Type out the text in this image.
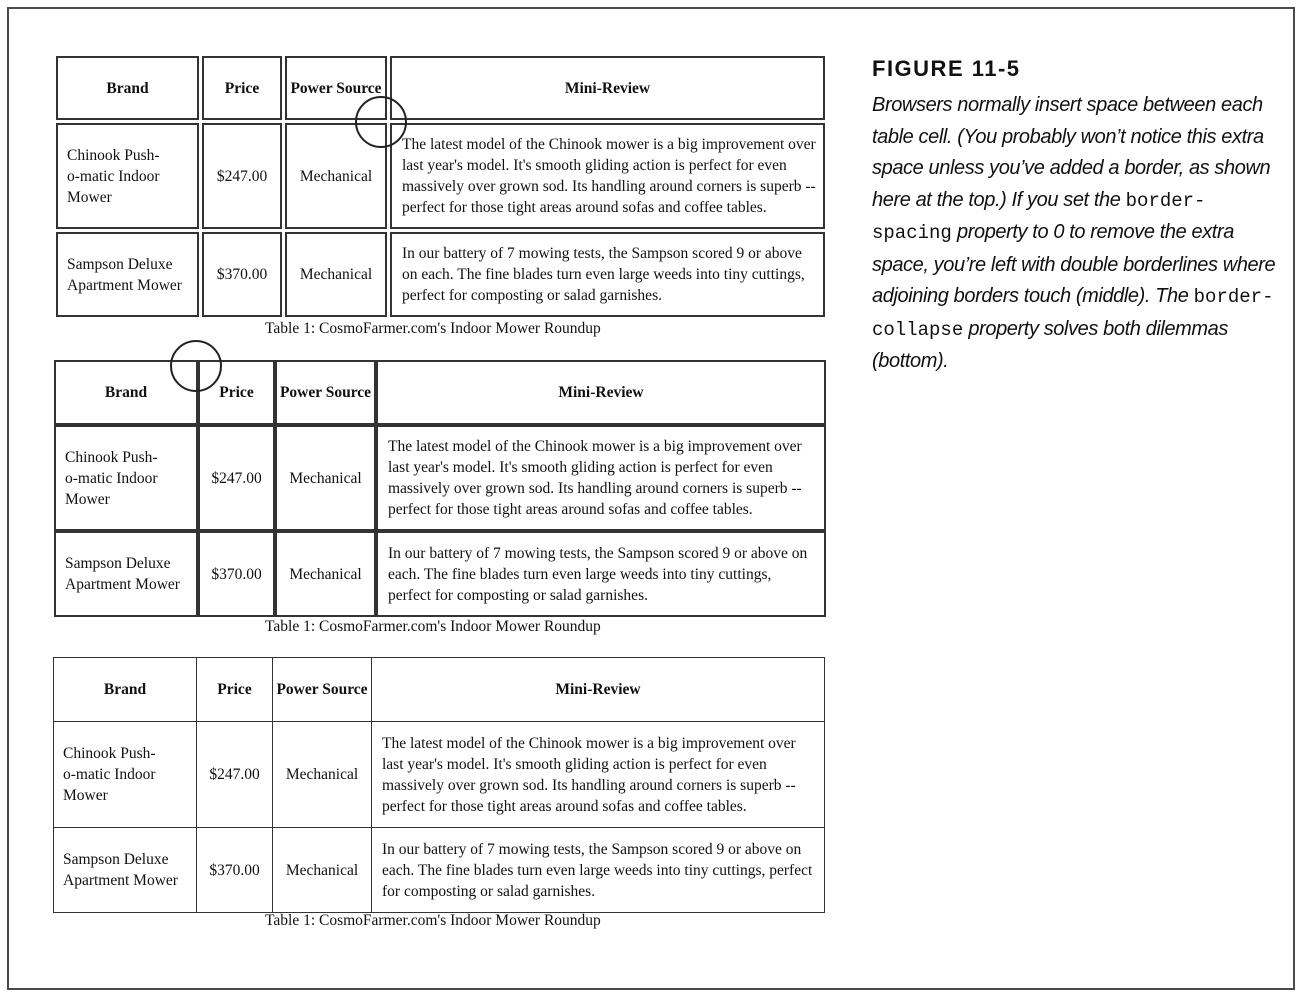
Brand	Price	Power Source	Mini-Review
Chinook Push-o-matic Indoor Mower	$247.00	Mechanical	The latest model of the Chinook mower is a big improvement over last year's model. It's smooth gliding action is perfect for even massively over grown sod. Its handling around corners is superb -- perfect for those tight areas around sofas and coffee tables.
Sampson Deluxe Apartment Mower	$370.00	Mechanical	In our battery of 7 mowing tests, the Sampson scored 9 or above on each. The fine blades turn even large weeds into tiny cuttings, perfect for composting or salad garnishes.
Table 1: CosmoFarmer.com's Indoor Mower Roundup
Brand	Price	Power Source	Mini-Review
Chinook Push-o-matic Indoor Mower	$247.00	Mechanical	The latest model of the Chinook mower is a big improvement over last year's model. It's smooth gliding action is perfect for even massively over grown sod. Its handling around corners is superb -- perfect for those tight areas around sofas and coffee tables.
Sampson Deluxe Apartment Mower	$370.00	Mechanical	In our battery of 7 mowing tests, the Sampson scored 9 or above on each. The fine blades turn even large weeds into tiny cuttings, perfect for composting or salad garnishes.
Table 1: CosmoFarmer.com's Indoor Mower Roundup
Brand	Price	Power Source	Mini-Review
Chinook Push-o-matic Indoor Mower	$247.00	Mechanical	The latest model of the Chinook mower is a big improvement over last year's model. It's smooth gliding action is perfect for even massively over grown sod. Its handling around corners is superb -- perfect for those tight areas around sofas and coffee tables.
Sampson Deluxe Apartment Mower	$370.00	Mechanical	In our battery of 7 mowing tests, the Sampson scored 9 or above on each. The fine blades turn even large weeds into tiny cuttings, perfect for composting or salad garnishes.
Table 1: CosmoFarmer.com's Indoor Mower Roundup
FIGURE 11-5
Browsers normally insert space between each table cell. (You probably won’t notice this extra space unless you’ve added a border, as shown here at the top.) If you set the border-spacing property to 0 to remove the extra space, you’re left with double borderlines where adjoining borders touch (middle). The border-collapse property solves both dilemmas (bottom).
